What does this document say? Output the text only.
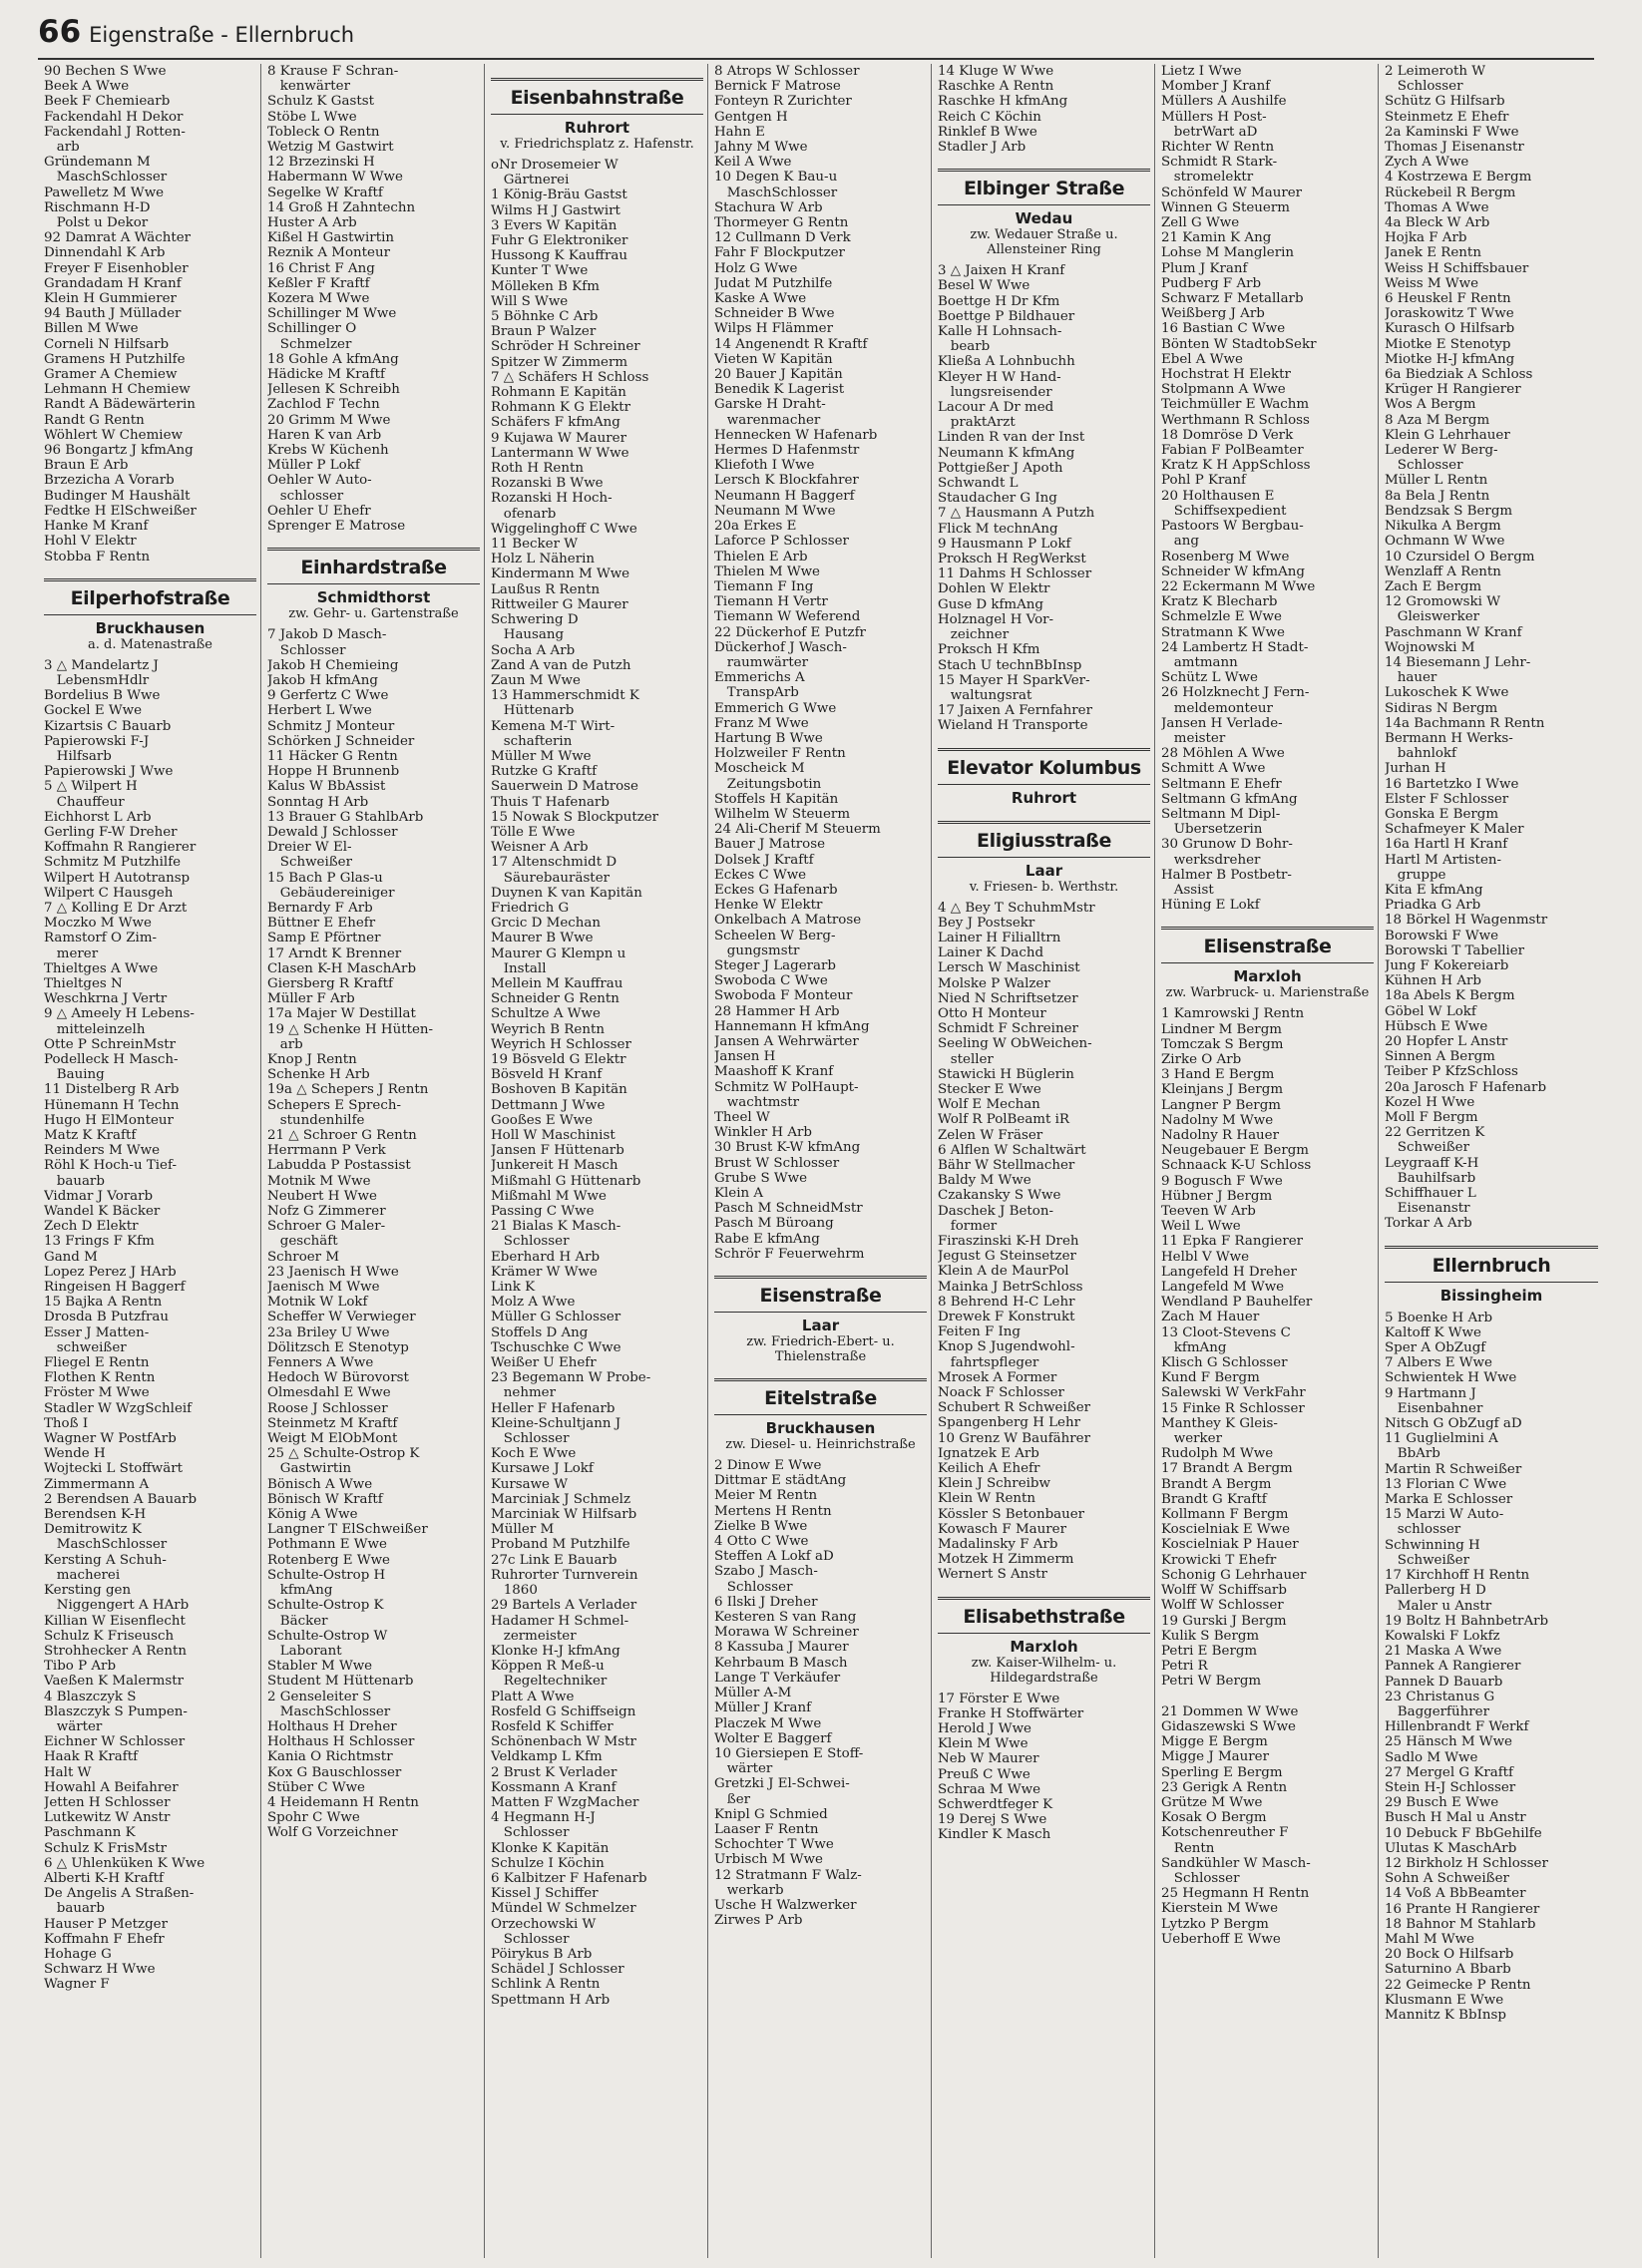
66 Eigenstraße - Ellernbruch
90 Bechen S Wwe
Beek A Wwe
Beek F Chemiearb
Fackendahl H Dekor
Fackendahl J Rotten-
arb
Gründemann M
MaschSchlosser
Pawelletz M Wwe
Rischmann H-D
Polst u Dekor
92 Damrat A Wächter
Dinnendahl K Arb
Freyer F Eisenhobler
Grandadam H Kranf
Klein H Gummierer
94 Bauth J Müllader
Billen M Wwe
Corneli N Hilfsarb
Gramens H Putzhilfe
Gramer A Chemiew
Lehmann H Chemiew
Randt A Bädewärterin
Randt G Rentn
Wöhlert W Chemiew
96 Bongartz J kfmAng
Braun E Arb
Brzezicha A Vorarb
Budinger M Haushält
Fedtke H ElSchweißer
Hanke M Kranf
Hohl V Elektr
Stobba F Rentn
Eilperhofstraße
Bruckhausen
a. d. Matenastraße
3 △ Mandelartz J
LebensmHdlr
Bordelius B Wwe
Gockel E Wwe
Kizartsis C Bauarb
Papierowski F-J
Hilfsarb
Papierowski J Wwe
5 △ Wilpert H
Chauffeur
Eichhorst L Arb
Gerling F-W Dreher
Koffmahn R Rangierer
Schmitz M Putzhilfe
Wilpert H Autotransp
Wilpert C Hausgeh
7 △ Kolling E Dr Arzt
Moczko M Wwe
Ramstorf O Zim-
merer
Thieltges A Wwe
Thieltges N
Weschkrna J Vertr
9 △ Ameely H Lebens-
mitteleinzelh
Otte P SchreinMstr
Podelleck H Masch-
Bauing
11 Distelberg R Arb
Hünemann H Techn
Hugo H ElMonteur
Matz K Kraftf
Reinders M Wwe
Röhl K Hoch-u Tief-
bauarb
Vidmar J Vorarb
Wandel K Bäcker
Zech D Elektr
13 Frings F Kfm
Gand M
Lopez Perez J HArb
Ringeisen H Baggerf
15 Bajka A Rentn
Drosda B Putzfrau
Esser J Matten-
schweißer
Fliegel E Rentn
Flothen K Rentn
Fröster M Wwe
Stadler W WzgSchleif
Thoß I
Wagner W PostfArb
Wende H
Wojtecki L Stoffwärt
Zimmermann A
2 Berendsen A Bauarb
Berendsen K-H
Demitrowitz K
MaschSchlosser
Kersting A Schuh-
macherei
Kersting gen
Niggengert A HArb
Killian W Eisenflecht
Schulz K Friseusch
Strohhecker A Rentn
Tibo P Arb
Vaeßen K Malermstr
4 Blaszczyk S
Blaszczyk S Pumpen-
wärter
Eichner W Schlosser
Haak R Kraftf
Halt W
Howahl A Beifahrer
Jetten H Schlosser
Lutkewitz W Anstr
Paschmann K
Schulz K FrisMstr
6 △ Uhlenküken K Wwe
Alberti K-H Kraftf
De Angelis A Straßen-
bauarb
Hauser P Metzger
Koffmahn F Ehefr
Hohage G
Schwarz H Wwe
Wagner F
8 Krause F Schran-
kenwärter
Schulz K Gastst
Stöbe L Wwe
Tobleck O Rentn
Wetzig M Gastwirt
12 Brzezinski H
Habermann W Wwe
Segelke W Kraftf
14 Groß H Zahntechn
Huster A Arb
Kißel H Gastwirtin
Reznik A Monteur
16 Christ F Ang
Keßler F Kraftf
Kozera M Wwe
Schillinger M Wwe
Schillinger O
Schmelzer
18 Gohle A kfmAng
Hädicke M Kraftf
Jellesen K Schreibh
Zachlod F Techn
20 Grimm M Wwe
Haren K van Arb
Krebs W Küchenh
Müller P Lokf
Oehler W Auto-
schlosser
Oehler U Ehefr
Sprenger E Matrose
Einhardstraße
Schmidthorst
zw. Gehr- u. Gartenstraße
7 Jakob D Masch-
Schlosser
Jakob H Chemieing
Jakob H kfmAng
9 Gerfertz C Wwe
Herbert L Wwe
Schmitz J Monteur
Schörken J Schneider
11 Häcker G Rentn
Hoppe H Brunnenb
Kalus W BbAssist
Sonntag H Arb
13 Brauer G StahlbArb
Dewald J Schlosser
Dreier W El-
Schweißer
15 Bach P Glas-u
Gebäudereiniger
Bernardy F Arb
Büttner E Ehefr
Samp E Pförtner
17 Arndt K Brenner
Clasen K-H MaschArb
Giersberg R Kraftf
Müller F Arb
17a Majer W Destillat
19 △ Schenke H Hütten-
arb
Knop J Rentn
Schenke H Arb
19a △ Schepers J Rentn
Schepers E Sprech-
stundenhilfe
21 △ Schroer G Rentn
Herrmann P Verk
Labudda P Postassist
Motnik M Wwe
Neubert H Wwe
Nofz G Zimmerer
Schroer G Maler-
geschäft
Schroer M
23 Jaenisch H Wwe
Jaenisch M Wwe
Motnik W Lokf
Scheffer W Verwieger
23a Briley U Wwe
Dölitzsch E Stenotyp
Fenners A Wwe
Hedoch W Bürovorst
Olmesdahl E Wwe
Roose J Schlosser
Steinmetz M Kraftf
Weigt M ElObMont
25 △ Schulte-Ostrop K
Gastwirtin
Bönisch A Wwe
Bönisch W Kraftf
König A Wwe
Langner T ElSchweißer
Pothmann E Wwe
Rotenberg E Wwe
Schulte-Ostrop H
kfmAng
Schulte-Ostrop K
Bäcker
Schulte-Ostrop W
Laborant
Stabler M Wwe
Student M Hüttenarb
2 Genseleiter S
MaschSchlosser
Holthaus H Dreher
Holthaus H Schlosser
Kania O Richtmstr
Kox G Bauschlosser
Stüber C Wwe
4 Heidemann H Rentn
Spohr C Wwe
Wolf G Vorzeichner
Eisenbahnstraße
Ruhrort
v. Friedrichsplatz z. Hafenstr.
oNr Drosemeier W
Gärtnerei
1 König-Bräu Gastst
Wilms H J Gastwirt
3 Evers W Kapitän
Fuhr G Elektroniker
Hussong K Kauffrau
Kunter T Wwe
Mölleken B Kfm
Will S Wwe
5 Böhnke C Arb
Braun P Walzer
Schröder H Schreiner
Spitzer W Zimmerm
7 △ Schäfers H Schloss
Rohmann E Kapitän
Rohmann K G Elektr
Schäfers F kfmAng
9 Kujawa W Maurer
Lantermann W Wwe
Roth H Rentn
Rozanski B Wwe
Rozanski H Hoch-
ofenarb
Wiggelinghoff C Wwe
11 Becker W
Holz L Näherin
Kindermann M Wwe
Laußus R Rentn
Rittweiler G Maurer
Schwering D
Hausang
Socha A Arb
Zand A van de Putzh
Zaun M Wwe
13 Hammerschmidt K
Hüttenarb
Kemena M-T Wirt-
schafterin
Müller M Wwe
Rutzke G Kraftf
Sauerwein D Matrose
Thuis T Hafenarb
15 Nowak S Blockputzer
Tölle E Wwe
Weisner A Arb
17 Altenschmidt D
Säurebauräster
Duynen K van Kapitän
Friedrich G
Grcic D Mechan
Maurer B Wwe
Maurer G Klempn u
Install
Mellein M Kauffrau
Schneider G Rentn
Schultze A Wwe
Weyrich B Rentn
Weyrich H Schlosser
19 Bösveld G Elektr
Bösveld H Kranf
Boshoven B Kapitän
Dettmann J Wwe
Gooßes E Wwe
Holl W Maschinist
Jansen F Hüttenarb
Junkereit H Masch
Mißmahl G Hüttenarb
Mißmahl M Wwe
Passing C Wwe
21 Bialas K Masch-
Schlosser
Eberhard H Arb
Krämer W Wwe
Link K
Molz A Wwe
Müller G Schlosser
Stoffels D Ang
Tschuschke C Wwe
Weißer U Ehefr
23 Begemann W Probe-
nehmer
Heller F Hafenarb
Kleine-Schultjann J
Schlosser
Koch E Wwe
Kursawe J Lokf
Kursawe W
Marciniak J Schmelz
Marciniak W Hilfsarb
Müller M
Proband M Putzhilfe
27c Link E Bauarb
Ruhrorter Turnverein
1860
29 Bartels A Verlader
Hadamer H Schmel-
zermeister
Klonke H-J kfmAng
Köppen R Meß-u
Regeltechniker
Platt A Wwe
Rosfeld G Schiffseign
Rosfeld K Schiffer
Schönenbach W Mstr
Veldkamp L Kfm
2 Brust K Verlader
Kossmann A Kranf
Matten F WzgMacher
4 Hegmann H-J
Schlosser
Klonke K Kapitän
Schulze I Köchin
6 Kalbitzer F Hafenarb
Kissel J Schiffer
Mündel W Schmelzer
Orzechowski W
Schlosser
Pöirykus B Arb
Schädel J Schlosser
Schlink A Rentn
Spettmann H Arb
8 Atrops W Schlosser
Bernick F Matrose
Fonteyn R Zurichter
Gentgen H
Hahn E
Jahny M Wwe
Keil A Wwe
10 Degen K Bau-u
MaschSchlosser
Stachura W Arb
Thormeyer G Rentn
12 Cullmann D Verk
Fahr F Blockputzer
Holz G Wwe
Judat M Putzhilfe
Kaske A Wwe
Schneider B Wwe
Wilps H Flämmer
14 Angenendt R Kraftf
Vieten W Kapitän
20 Bauer J Kapitän
Benedik K Lagerist
Garske H Draht-
warenmacher
Hennecken W Hafenarb
Hermes D Hafenmstr
Kliefoth I Wwe
Lersch K Blockfahrer
Neumann H Baggerf
Neumann M Wwe
20a Erkes E
Laforce P Schlosser
Thielen E Arb
Thielen M Wwe
Tiemann F Ing
Tiemann H Vertr
Tiemann W Weferend
22 Dückerhof E Putzfr
Dückerhof J Wasch-
raumwärter
Emmerichs A
TranspArb
Emmerich G Wwe
Franz M Wwe
Hartung B Wwe
Holzweiler F Rentn
Moscheick M
Zeitungsbotin
Stoffels H Kapitän
Wilhelm W Steuerm
24 Ali-Cherif M Steuerm
Bauer J Matrose
Dolsek J Kraftf
Eckes C Wwe
Eckes G Hafenarb
Henke W Elektr
Onkelbach A Matrose
Scheelen W Berg-
gungsmstr
Steger J Lagerarb
Swoboda C Wwe
Swoboda F Monteur
28 Hammer H Arb
Hannemann H kfmAng
Jansen A Wehrwärter
Jansen H
Maashoff K Kranf
Schmitz W PolHaupt-
wachtmstr
Theel W
Winkler H Arb
30 Brust K-W kfmAng
Brust W Schlosser
Grube S Wwe
Klein A
Pasch M SchneidMstr
Pasch M Büroang
Rabe E kfmAng
Schrör F Feuerwehrm
Eisenstraße
Laar
zw. Friedrich-Ebert- u. Thielenstraße
Eitelstraße
Bruckhausen
zw. Diesel- u. Heinrichstraße
2 Dinow E Wwe
Dittmar E städtAng
Meier M Rentn
Mertens H Rentn
Zielke B Wwe
4 Otto C Wwe
Steffen A Lokf aD
Szabo J Masch-
Schlosser
6 Ilski J Dreher
Kesteren S van Rang
Morawa W Schreiner
8 Kassuba J Maurer
Kehrbaum B Masch
Lange T Verkäufer
Müller A-M
Müller J Kranf
Placzek M Wwe
Wolter E Baggerf
10 Giersiepen E Stoff-
wärter
Gretzki J El-Schwei-
ßer
Knipl G Schmied
Laaser F Rentn
Schochter T Wwe
Urbisch M Wwe
12 Stratmann F Walz-
werkarb
Usche H Walzwerker
Zirwes P Arb
14 Kluge W Wwe
Raschke A Rentn
Raschke H kfmAng
Reich C Köchin
Rinklef B Wwe
Stadler J Arb
Elbinger Straße
Wedau
zw. Wedauer Straße u. Allensteiner Ring
3 △ Jaixen H Kranf
Besel W Wwe
Boettge H Dr Kfm
Boettge P Bildhauer
Kalle H Lohnsach-
bearb
Kließa A Lohnbuchh
Kleyer H W Hand-
lungsreisender
Lacour A Dr med
praktArzt
Linden R van der Inst
Neumann K kfmAng
Pottgießer J Apoth
Schwandt L
Staudacher G Ing
7 △ Hausmann A Putzh
Flick M technAng
9 Hausmann P Lokf
Proksch H RegWerkst
11 Dahms H Schlosser
Dohlen W Elektr
Guse D kfmAng
Holznagel H Vor-
zeichner
Proksch H Kfm
Stach U technBbInsp
15 Mayer H SparkVer-
waltungsrat
17 Jaixen A Fernfahrer
Wieland H Transporte
Elevator Kolumbus
Ruhrort
Eligiusstraße
Laar
v. Friesen- b. Werthstr.
4 △ Bey T SchuhmMstr
Bey J Postsekr
Lainer H Filialltrn
Lainer K Dachd
Lersch W Maschinist
Molske P Walzer
Nied N Schriftsetzer
Otto H Monteur
Schmidt F Schreiner
Seeling W ObWeichen-
steller
Stawicki H Büglerin
Stecker E Wwe
Wolf E Mechan
Wolf R PolBeamt iR
Zelen W Fräser
6 Alflen W Schaltwärt
Bähr W Stellmacher
Baldy M Wwe
Czakansky S Wwe
Daschek J Beton-
former
Firaszinski K-H Dreh
Jegust G Steinsetzer
Klein A de MaurPol
Mainka J BetrSchloss
8 Behrend H-C Lehr
Drewek F Konstrukt
Feiten F Ing
Knop S Jugendwohl-
fahrtspfleger
Mrosek A Former
Noack F Schlosser
Schubert R Schweißer
Spangenberg H Lehr
10 Grenz W Baufährer
Ignatzek E Arb
Keilich A Ehefr
Klein J Schreibw
Klein W Rentn
Kössler S Betonbauer
Kowasch F Maurer
Madalinsky F Arb
Motzek H Zimmerm
Wernert S Anstr
Elisabethstraße
Marxloh
zw. Kaiser-Wilhelm- u. Hildegardstraße
17 Förster E Wwe
Franke H Stoffwärter
Herold J Wwe
Klein M Wwe
Neb W Maurer
Preuß C Wwe
Schraa M Wwe
Schwerdtfeger K
19 Derej S Wwe
Kindler K Masch
Lietz I Wwe
Momber J Kranf
Müllers A Aushilfe
Müllers H Post-
betrWart aD
Richter W Rentn
Schmidt R Stark-
stromelektr
Schönfeld W Maurer
Winnen G Steuerm
Zell G Wwe
21 Kamin K Ang
Lohse M Manglerin
Plum J Kranf
Pudberg F Arb
Schwarz F Metallarb
Weißberg J Arb
16 Bastian C Wwe
Bönten W StadtobSekr
Ebel A Wwe
Hochstrat H Elektr
Stolpmann A Wwe
Teichmüller E Wachm
Werthmann R Schloss
18 Domröse D Verk
Fabian F PolBeamter
Kratz K H AppSchloss
Pohl P Kranf
20 Holthausen E
Schiffsexpedient
Pastoors W Bergbau-
ang
Rosenberg M Wwe
Schneider W kfmAng
22 Eckermann M Wwe
Kratz K Blecharb
Schmelzle E Wwe
Stratmann K Wwe
24 Lambertz H Stadt-
amtmann
Schütz L Wwe
26 Holzknecht J Fern-
meldemonteur
Jansen H Verlade-
meister
28 Möhlen A Wwe
Schmitt A Wwe
Seltmann E Ehefr
Seltmann G kfmAng
Seltmann M Dipl-
Übersetzerin
30 Grunow D Bohr-
werksdreher
Halmer B Postbetr-
Assist
Hüning E Lokf
Elisenstraße
Marxloh
zw. Warbruck- u. Marienstraße
1 Kamrowski J Rentn
Lindner M Bergm
Tomczak S Bergm
Zirke O Arb
3 Hand E Bergm
Kleinjans J Bergm
Langner P Bergm
Nadolny M Wwe
Nadolny R Hauer
Neugebauer E Bergm
Schnaack K-U Schloss
9 Bogusch F Wwe
Hübner J Bergm
Teeven W Arb
Weil L Wwe
11 Epka F Rangierer
Helbl V Wwe
Langefeld H Dreher
Langefeld M Wwe
Wendland P Bauhelfer
Zach M Hauer
13 Cloot-Stevens C
kfmAng
Klisch G Schlosser
Kund F Bergm
Salewski W VerkFahr
15 Finke R Schlosser
Manthey K Gleis-
werker
Rudolph M Wwe
17 Brandt A Bergm
Brandt A Bergm
Brandt G Kraftf
Kollmann F Bergm
Koscielniak E Wwe
Koscielniak P Hauer
Krowicki T Ehefr
Schonig G Lehrhauer
Wolff W Schiffsarb
Wolff W Schlosser
19 Gurski J Bergm
Kulik S Bergm
Petri E Bergm
Petri R
Petri W Bergm

21 Dommen W Wwe
Gidaszewski S Wwe
Migge E Bergm
Migge J Maurer
Sperling E Bergm
23 Gerigk A Rentn
Grütze M Wwe
Kosak O Bergm
Kotschenreuther F
Rentn
Sandkühler W Masch-
Schlosser
25 Hegmann H Rentn
Kierstein M Wwe
Lytzko P Bergm
Ueberhoff E Wwe
2 Leimeroth W
Schlosser
Schütz G Hilfsarb
Steinmetz E Ehefr
2a Kaminski F Wwe
Thomas J Eisenanstr
Zych A Wwe
4 Kostrzewa E Bergm
Rückebeil R Bergm
Thomas A Wwe
4a Bleck W Arb
Hojka F Arb
Janek E Rentn
Weiss H Schiffsbauer
Weiss M Wwe
6 Heuskel F Rentn
Joraskowitz T Wwe
Kurasch O Hilfsarb
Miotke E Stenotyp
Miotke H-J kfmAng
6a Biedziak A Schloss
Krüger H Rangierer
Wos A Bergm
8 Aza M Bergm
Klein G Lehrhauer
Lederer W Berg-
Schlosser
Müller L Rentn
8a Bela J Rentn
Bendzsak S Bergm
Nikulka A Bergm
Ochmann W Wwe
10 Czursidel O Bergm
Wenzlaff A Rentn
Zach E Bergm
12 Gromowski W
Gleiswerker
Paschmann W Kranf
Wojnowski M
14 Biesemann J Lehr-
hauer
Lukoschek K Wwe
Sidiras N Bergm
14a Bachmann R Rentn
Bermann H Werks-
bahnlokf
Jurhan H
16 Bartetzko I Wwe
Elster F Schlosser
Gonska E Bergm
Schafmeyer K Maler
16a Hartl H Kranf
Hartl M Artisten-
gruppe
Kita E kfmAng
Priadka G Arb
18 Börkel H Wagenmstr
Borowski F Wwe
Borowski T Tabellier
Jung F Kokereiarb
Kühnen H Arb
18a Abels K Bergm
Göbel W Lokf
Hübsch E Wwe
20 Hopfer L Anstr
Sinnen A Bergm
Teiber P KfzSchloss
20a Jarosch F Hafenarb
Kozel H Wwe
Moll F Bergm
22 Gerritzen K
Schweißer
Leygraaff K-H
Bauhilfsarb
Schiffhauer L
Eisenanstr
Torkar A Arb
Ellernbruch
Bissingheim
5 Boenke H Arb
Kaltoff K Wwe
Sper A ObZugf
7 Albers E Wwe
Schwientek H Wwe
9 Hartmann J
Eisenbahner
Nitsch G ObZugf aD
11 Guglielmini A
BbArb
Martin R Schweißer
13 Florian C Wwe
Marka E Schlosser
15 Marzi W Auto-
schlosser
Schwinning H
Schweißer
17 Kirchhoff H Rentn
Pallerberg H D
Maler u Anstr
19 Boltz H BahnbetrArb
Kowalski F Lokfz
21 Maska A Wwe
Pannek A Rangierer
Pannek D Bauarb
23 Christanus G
Baggerführer
Hillenbrandt F Werkf
25 Hänsch M Wwe
Sadlo M Wwe
27 Mergel G Kraftf
Stein H-J Schlosser
29 Busch E Wwe
Busch H Mal u Anstr
10 Debuck F BbGehilfe
Ulutas K MaschArb
12 Birkholz H Schlosser
Sohn A Schweißer
14 Voß A BbBeamter
16 Prante H Rangierer
18 Bahnor M Stahlarb
Mahl M Wwe
20 Bock O Hilfsarb
Saturnino A Bbarb
22 Geimecke P Rentn
Klusmann E Wwe
Mannitz K BbInsp
